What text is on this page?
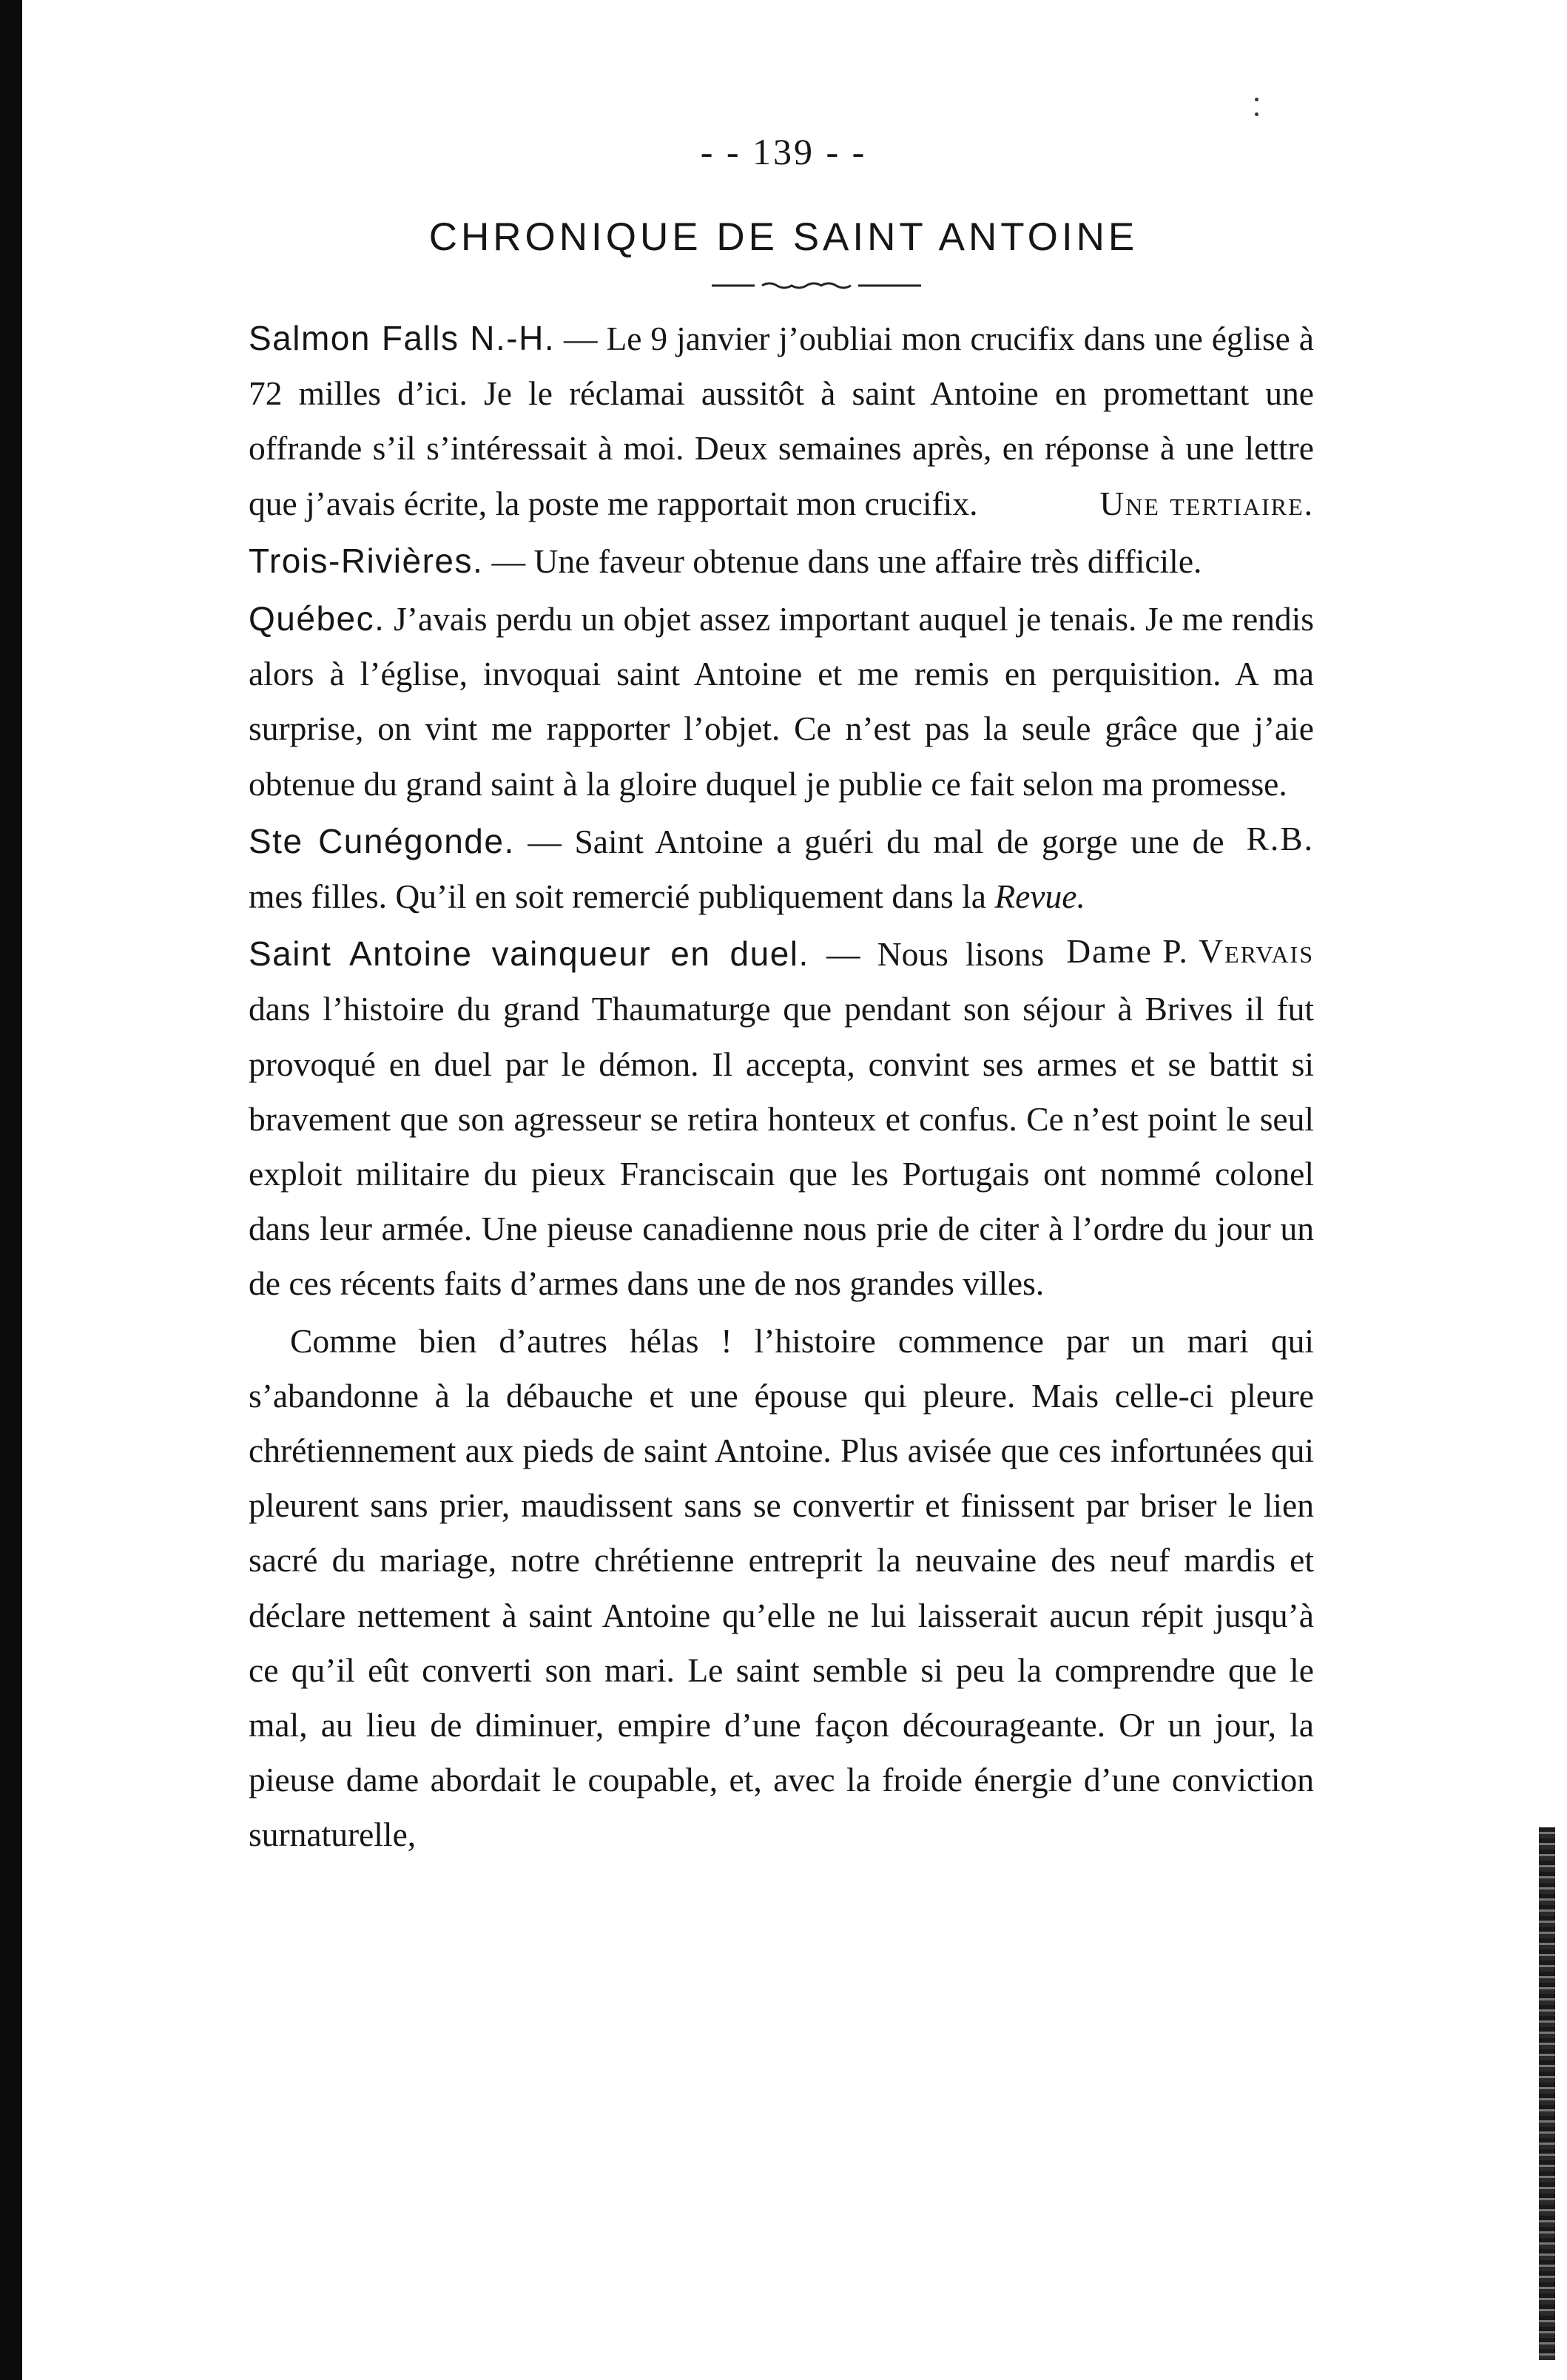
- - 139 - -
CHRONIQUE DE SAINT ANTOINE

Salmon Falls N.-H. — Le 9 janvier j’oubliai mon crucifix dans une église à 72 milles d’ici. Je le réclamai aussitôt à saint Antoine en promettant une offrande s’il s’intéressait à moi. Deux semaines après, en réponse à une lettre que j’avais écrite, la poste me rapportait mon crucifix.	Une tertiaire.

Trois-Rivières. — Une faveur obtenue dans une affaire très difficile.

Québec. J’avais perdu un objet assez important auquel je tenais. Je me rendis alors à l’église, invoquai saint Antoine et me remis en perquisition. A ma surprise, on vint me rapporter l’objet. Ce n’est pas la seule grâce que j’aie obtenue du grand saint à la gloire duquel je publie ce fait selon ma promesse.
R.B.

Ste Cunégonde. — Saint Antoine a guéri du mal de gorge une de mes filles. Qu’il en soit remercié publiquement dans la Revue.
Dame P. Vervais

Saint Antoine vainqueur en duel. — Nous lisons dans l’histoire du grand Thaumaturge que pendant son séjour à Brives il fut provoqué en duel par le démon. Il accepta, convint ses armes et se battit si bravement que son agresseur se retira honteux et confus. Ce n’est point le seul exploit militaire du pieux Franciscain que les Portugais ont nommé colonel dans leur armée. Une pieuse canadienne nous prie de citer à l’ordre du jour un de ces récents faits d’armes dans une de nos grandes villes.

Comme bien d’autres hélas ! l’histoire commence par un mari qui s’abandonne à la débauche et une épouse qui pleure. Mais celle-ci pleure chrétiennement aux pieds de saint Antoine. Plus avisée que ces infortunées qui pleurent sans prier, maudissent sans se convertir et finissent par briser le lien sacré du mariage, notre chrétienne entreprit la neuvaine des neuf mardis et déclare nettement à saint Antoine qu’elle ne lui laisserait aucun répit jusqu’à ce qu’il eût converti son mari. Le saint semble si peu la comprendre que le mal, au lieu de diminuer, empire d’une façon décourageante. Or un jour, la pieuse dame abordait le coupable, et, avec la froide énergie d’une conviction surnaturelle,
